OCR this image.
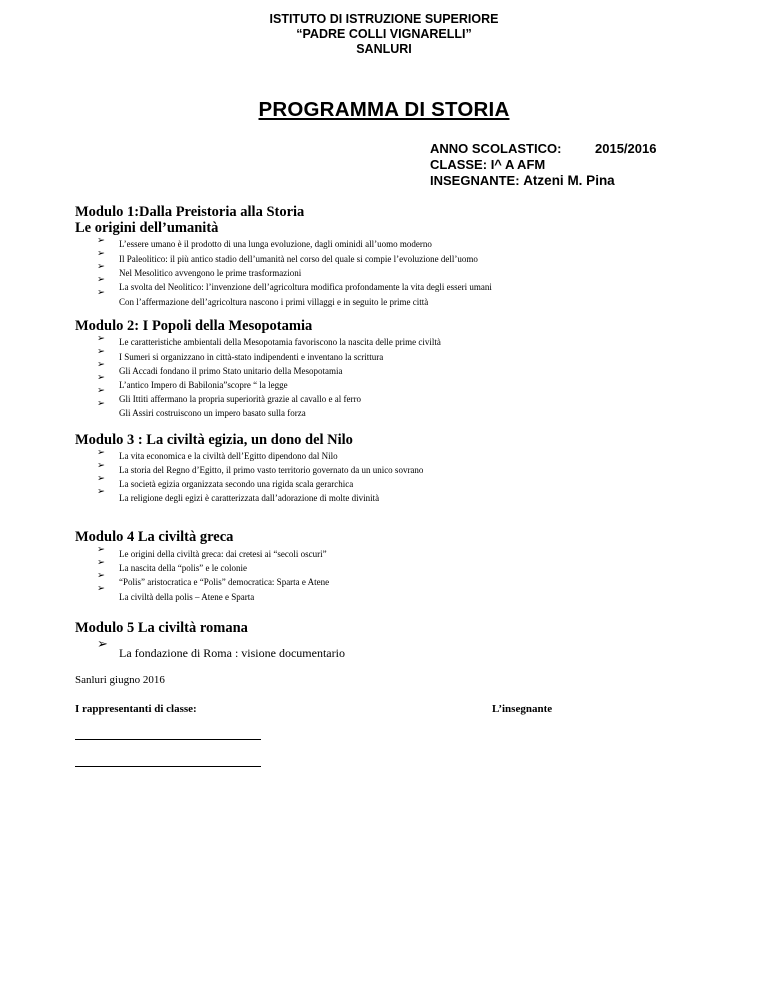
ISTITUTO DI ISTRUZIONE SUPERIORE
“PADRE COLLI VIGNARELLI”
SANLURI
PROGRAMMA DI STORIA
ANNO SCOLASTICO:	2015/2016
CLASSE: I^ A AFM
INSEGNANTE: Atzeni M. Pina
Modulo 1:Dalla Preistoria alla Storia
Le origini dell’umanità
➢
➢
➢
➢
➢
L’essere umano è il prodotto di una lunga evoluzione, dagli ominidi all’uomo moderno
Il Paleolitico: il più antico stadio dell’umanità nel corso del quale si compie l’evoluzione dell’uomo
Nel Mesolitico avvengono le prime trasformazioni
La svolta del Neolitico: l’invenzione dell’agricoltura modifica profondamente la vita degli esseri umani
Con l’affermazione dell’agricoltura nascono i primi villaggi e in seguito le prime città
Modulo 2: I Popoli della Mesopotamia
➢
➢
➢
➢
➢
➢
Le caratteristiche ambientali della Mesopotamia favoriscono la nascita delle prime civiltà
I Sumeri si organizzano in città-stato indipendenti e inventano la scrittura
Gli Accadi fondano il primo Stato unitario della Mesopotamia
L’antico Impero di Babilonia”scopre “ la legge
Gli Ittiti affermano la propria superiorità grazie al cavallo e al ferro
Gli Assiri costruiscono un impero basato sulla forza
Modulo 3 : La civiltà egizia, un dono del Nilo
➢
➢
➢
➢
La vita economica e la civiltà dell’Egitto dipendono dal Nilo
La storia del Regno d’Egitto, il primo vasto territorio governato da un unico sovrano
La società egizia organizzata secondo una rigida scala gerarchica
La religione degli egizi è caratterizzata dall’adorazione di molte divinità
Modulo 4 La civiltà greca
➢
➢
➢
➢
Le origini della civiltà greca: dai cretesi ai “secoli oscuri”
La nascita della “polis” e le colonie
“Polis” aristocratica e “Polis” democratica: Sparta e Atene
La civiltà della polis – Atene e Sparta
Modulo 5 La civiltà romana
➢
La fondazione di Roma : visione documentario
Sanluri giugno 2016
I rappresentanti di classe:	L’insegnante
